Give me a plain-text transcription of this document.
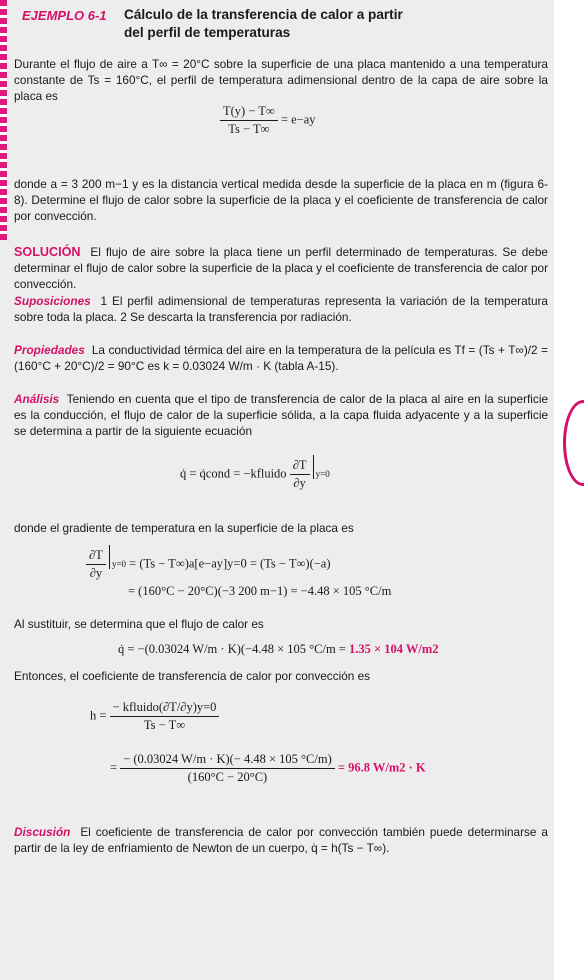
EJEMPLO 6-1 Cálculo de la transferencia de calor a partir del perfil de temperaturas

Durante el flujo de aire a T∞ = 20°C sobre la superficie de una placa mantenido a una temperatura constante de Ts = 160°C, el perfil de temperatura adimensional dentro de la capa de aire sobre la placa es

$\frac{T(y) - T\infty}{Ts - T\infty} = e-ay$

donde a = 3 200 m−1 y es la distancia vertical medida desde la superficie de la placa en m (figura 6-8). Determine el flujo de calor sobre la superficie de la placa y el coeficiente de transferencia de calor por convección.

SOLUCIÓN El flujo de aire sobre la placa tiene un perfil determinado de temperaturas. Se debe determinar el flujo de calor sobre la superficie de la placa y el coeficiente de transferencia de calor por convección.

Suposiciones 1 El perfil adimensional de temperaturas representa la variación de la temperatura sobre toda la placa. 2 Se descarta la transferencia por radiación.

Propiedades La conductividad térmica del aire en la temperatura de la película es Tf = (Ts + T∞)/2 = (160°C + 20°C)/2 = 90°C es k = 0.03024 W/m · K (tabla A-15).

Análisis Teniendo en cuenta que el tipo de transferencia de calor de la placa al aire en la superficie es la conducción, el flujo de calor de la superficie sólida, a la capa fluida adyacente y a la superficie se determina a partir de la siguiente ecuación

q̇ = q̇cond = −kfluido $\frac{\partial T}{\partial y} y=0$

donde el gradiente de temperatura en la superficie de la placa es

$\frac{\partial T}{\partial y} y=0 = (Ts - T\infty)a[e-ay]y=0 = (Ts - T\infty)(-a)$
= (160°C − 20°C)(−3 200 m−1) = −4.48 × 105 °C/m

Al sustituir, se determina que el flujo de calor es

q̇ = −(0.03024 W/m · K)(−4.48 × 105 °C/m = 1.35 × 104 W/m2

Entonces, el coeficiente de transferencia de calor por convección es

$h = \frac{\text{− kfluido(∂T/∂y)y=0}}{Ts - T\infty}$
= $\frac{- (0.03024 W/m \cdot K)(- 4.48 \times 105 ^\circ C/m)}{(160^\circ C - 20^\circ C)} = 96.8$ W/m2 · K

Discusión El coeficiente de transferencia de calor por convección también puede determinarse a partir de la ley de enfriamiento de Newton de un cuerpo, q̇ = h(Ts − T∞).
